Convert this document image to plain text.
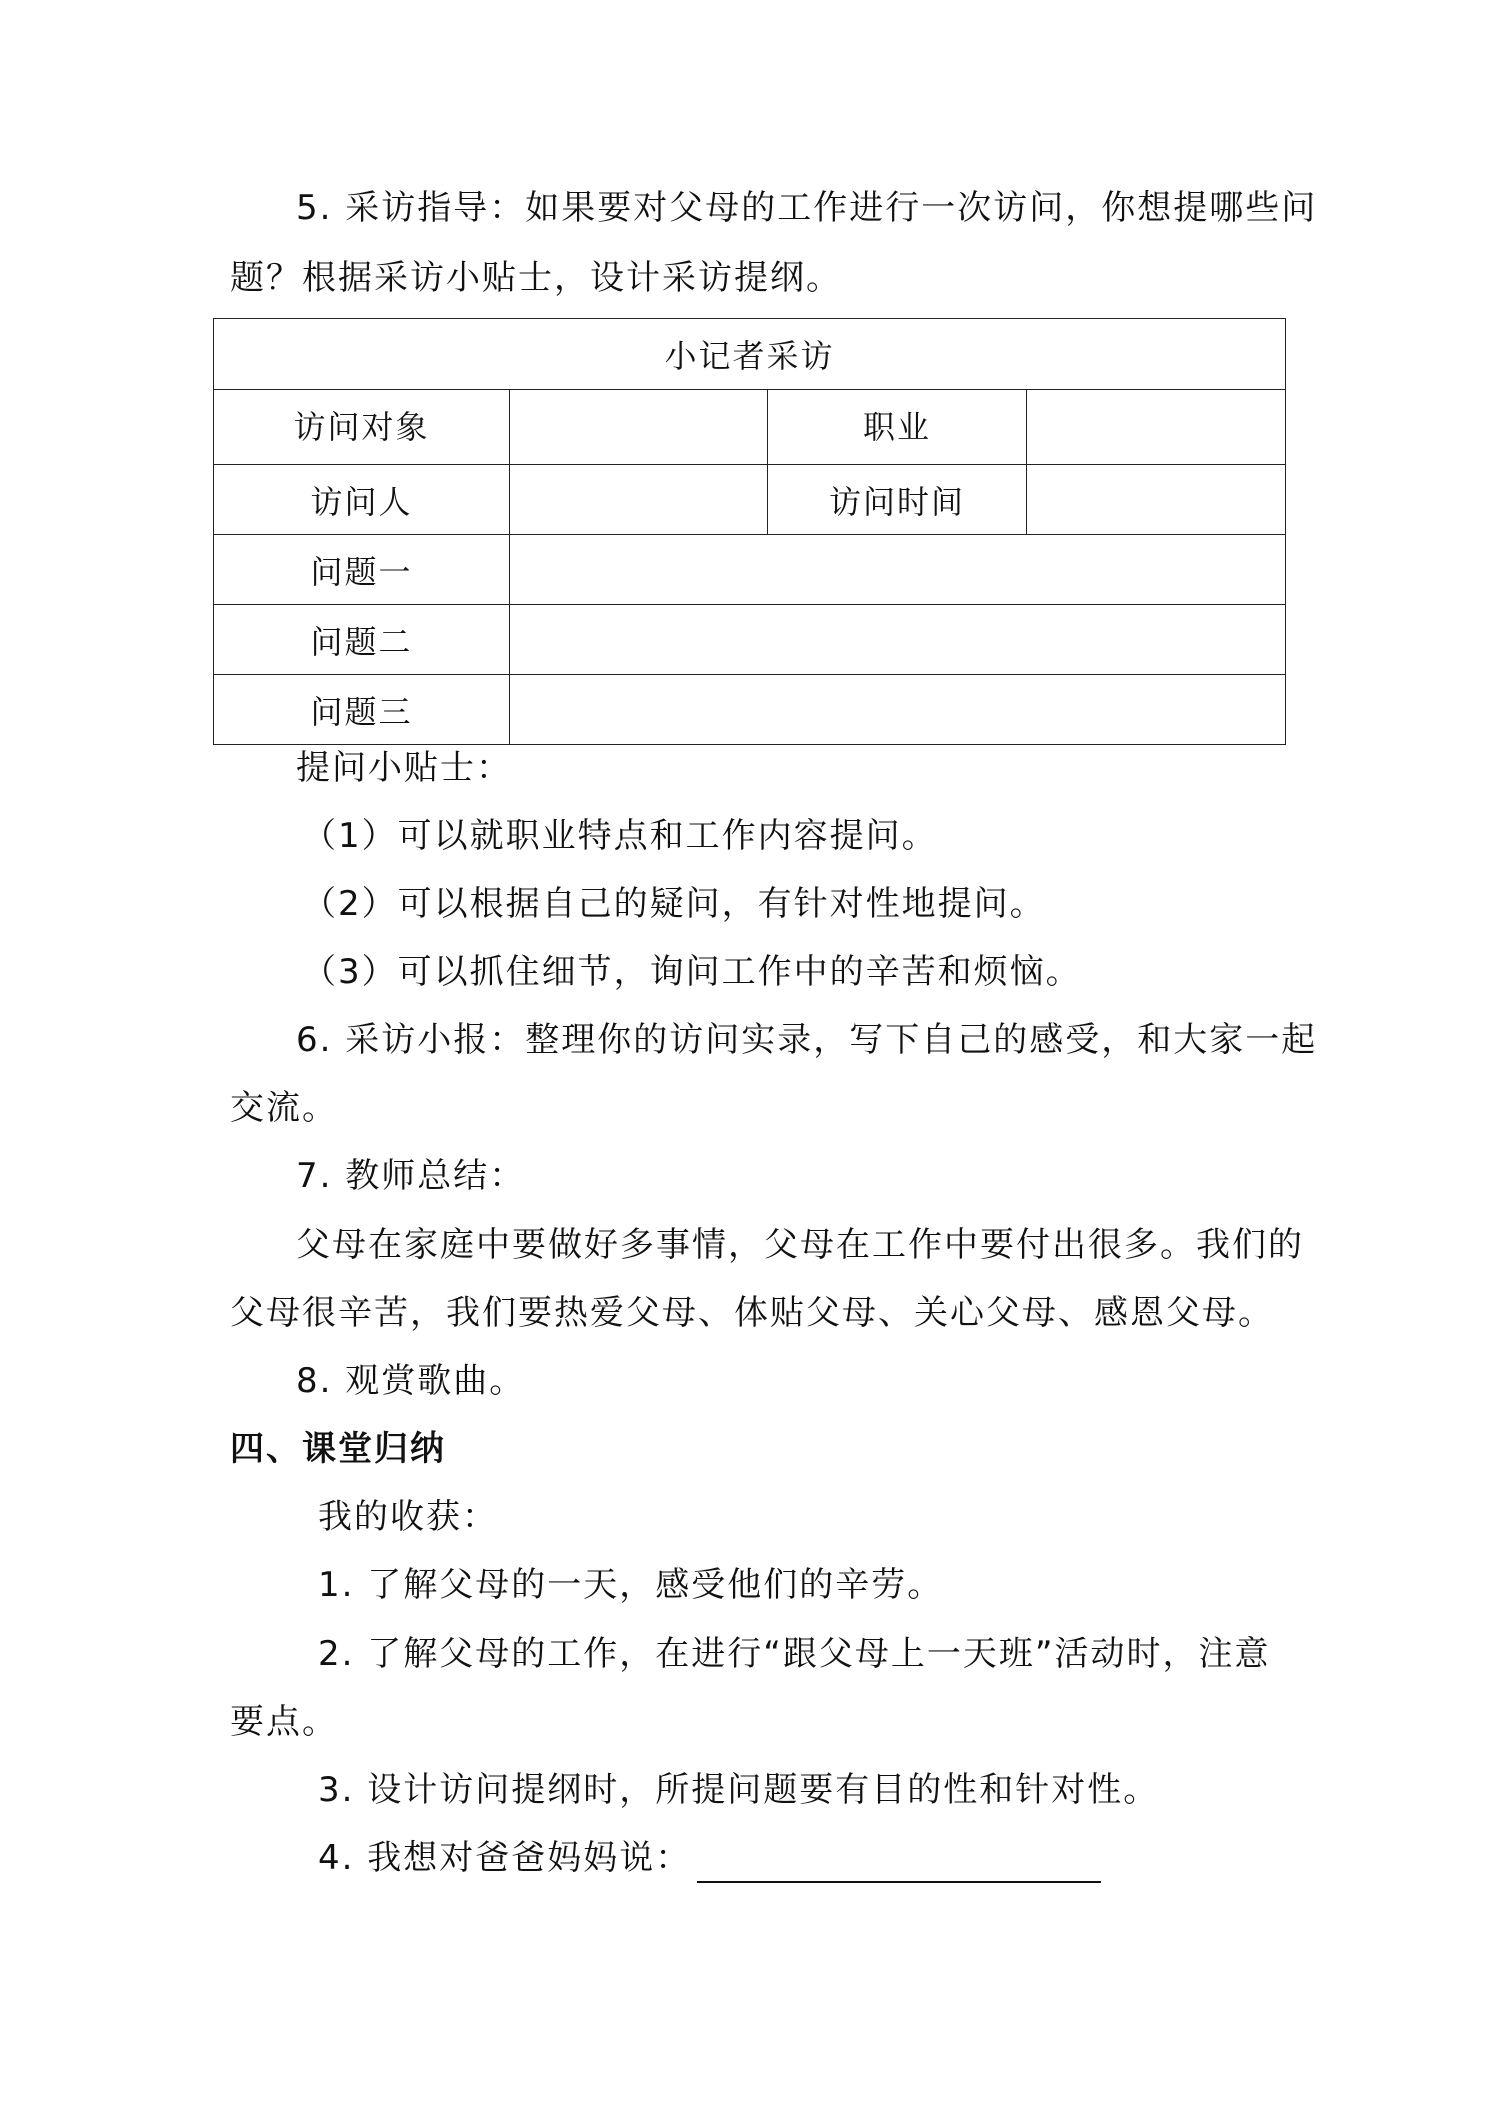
5. 采访指导：如果要对父母的工作进行一次访问，你想提哪些问
题？根据采访小贴士，设计采访提纲。
小记者采访			
访问对象		职业	
访问人		访问时间	
问题一			
问题二			
问题三			
提问小贴士：
（1）可以就职业特点和工作内容提问。
（2）可以根据自己的疑问，有针对性地提问。
（3）可以抓住细节，询问工作中的辛苦和烦恼。
6. 采访小报：整理你的访问实录，写下自己的感受，和大家一起
交流。
7. 教师总结：
父母在家庭中要做好多事情，父母在工作中要付出很多。我们的
父母很辛苦，我们要热爱父母、体贴父母、关心父母、感恩父母。
8. 观赏歌曲。
四、课堂归纳
我的收获：
1. 了解父母的一天，感受他们的辛劳。
2. 了解父母的工作，在进行“跟父母上一天班”活动时，注意
要点。
3. 设计访问提纲时，所提问题要有目的性和针对性。
4. 我想对爸爸妈妈说：
